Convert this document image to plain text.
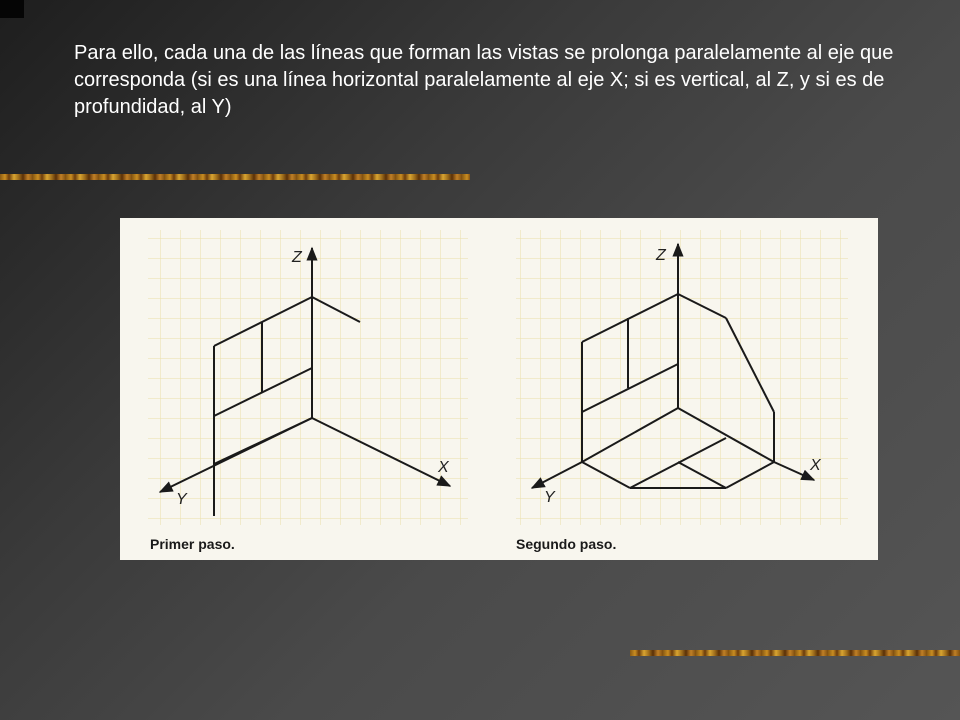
Para ello, cada una de las líneas que forman las vistas se prolonga paralelamente al eje que corresponda (si es una línea horizontal paralelamente al eje X; si es vertical, al Z, y si es de profundidad, al Y)

Z
X
Y
Z
X
Y
Primer paso.	Segundo paso.
